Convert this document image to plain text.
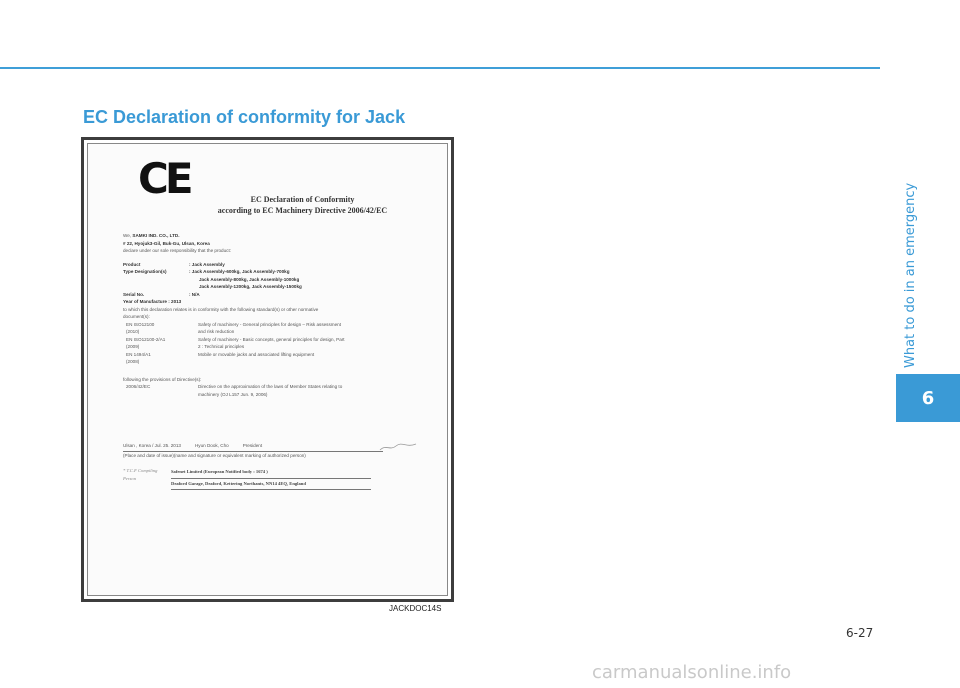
EC Declaration of conformity for Jack
CE	EC Declaration of Conformity
according to EC Machinery Directive 2006/42/EC
We, SAMKI IND. CO., LTD.
# 22, Hyojuk3-Gil, Buk-Gu, Ulsan, Korea
declare under our sole responsibility that the product:
Product	: Jack Assembly
Type Designation(s)	: Jack Assembly-600kg, Jack Assembly-700kg
Jack Assembly-800kg, Jack Assembly-1000kg
Jack Assembly-1200kg, Jack Assembly-1500kg
Serial No.	: N/A
Year of Manufacture
: 2013
to which this declaration relates is in conformity with the following standard(s) or other normative
document(s):
EN ISO12100	Safety of machinery - General principles for design – Risk assessment
(2010)	and risk reduction
EN ISO12100-2/A1	Safety of machinery - Basic concepts, general principles for design, Part
(2009)	2 : Technical principles
EN 1494/A1	Mobile or movable jacks and associated lifting equipment
(2008)
following the provisions of Directive(s):
2006/42/EC	Directive on the approximation of the laws of Member States relating to
machinery (OJ L157 Jun. 9, 2006)
Ulsan , Korea / Jul. 25. 2013	Hyun Dook, Cho	President
(Place and date of issue)(name and signature or equivalent marking of authorized person)
* T.C.F Compiling Person
Safenet Limited (European Notified body : 1674 )
Deaford Garage, Deaford, Kettering Northants, NN14 4EQ, England
JACKDOC14S
What to do in an emergency
6
6-27
carmanualsonline.info
